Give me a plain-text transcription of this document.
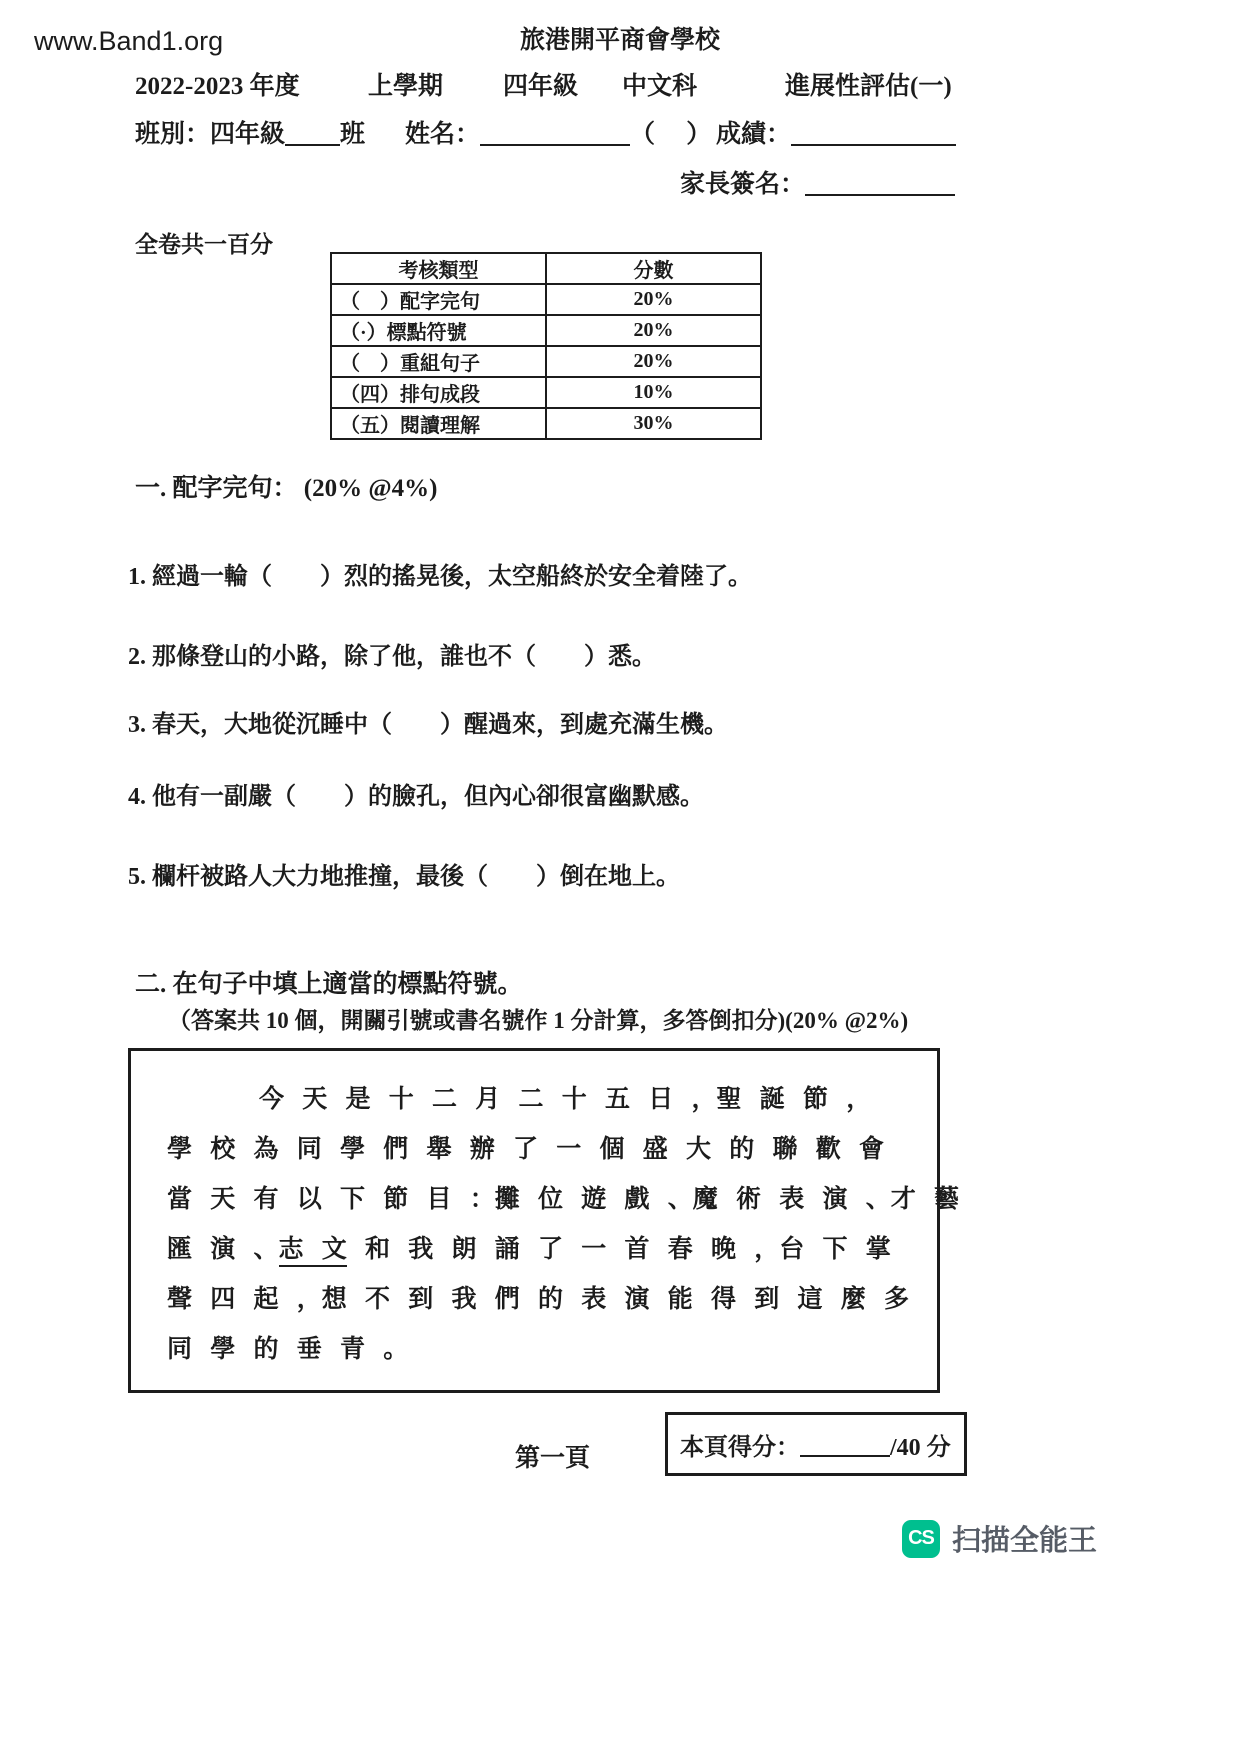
www.Band1.org	旅港開平商會學校
2022-2023 年度	上學期 四年級 中文科	進展性評估(一)
班別：四年級 班 姓名：	（　 ） 成績：
家長簽名：
全卷共一百分
考核類型	分數
（　）配字完句	20%
（·）標點符號	20%
（　）重組句子	20%
（四）排句成段	10%
（五）閱讀理解	30%
一. 配字完句： (20% @4%)
1. 經過一輪（　　）烈的搖晃後，太空船終於安全着陸了。
2. 那條登山的小路，除了他，誰也不（　　）悉。
3. 春天，大地從沉睡中（　　）醒過來，到處充滿生機。
4. 他有一副嚴（　　）的臉孔，但內心卻很富幽默感。
5. 欄杆被路人大力地推撞，最後（　　）倒在地上。
二. 在句子中填上適當的標點符號。
（答案共 10 個，開關引號或書名號作 1 分計算，多答倒扣分)(20% @2%)
今 天 是 十 二 月 二 十 五 日 ，聖 誕 節 ，
學 校 為 同 學 們 舉 辦 了 一 個 盛 大 的 聯 歡 會
當 天 有 以 下 節 目 ：攤 位 遊 戲 、魔 術 表 演 、才 藝
匯 演 、志 文 和 我 朗 誦 了 一 首 春 晚 ，台 下 掌
聲 四 起 ，想 不 到 我 們 的 表 演 能 得 到 這 麼 多
同 學 的 垂 青 。
第一頁	本頁得分：	/40 分
CS 扫描全能王
